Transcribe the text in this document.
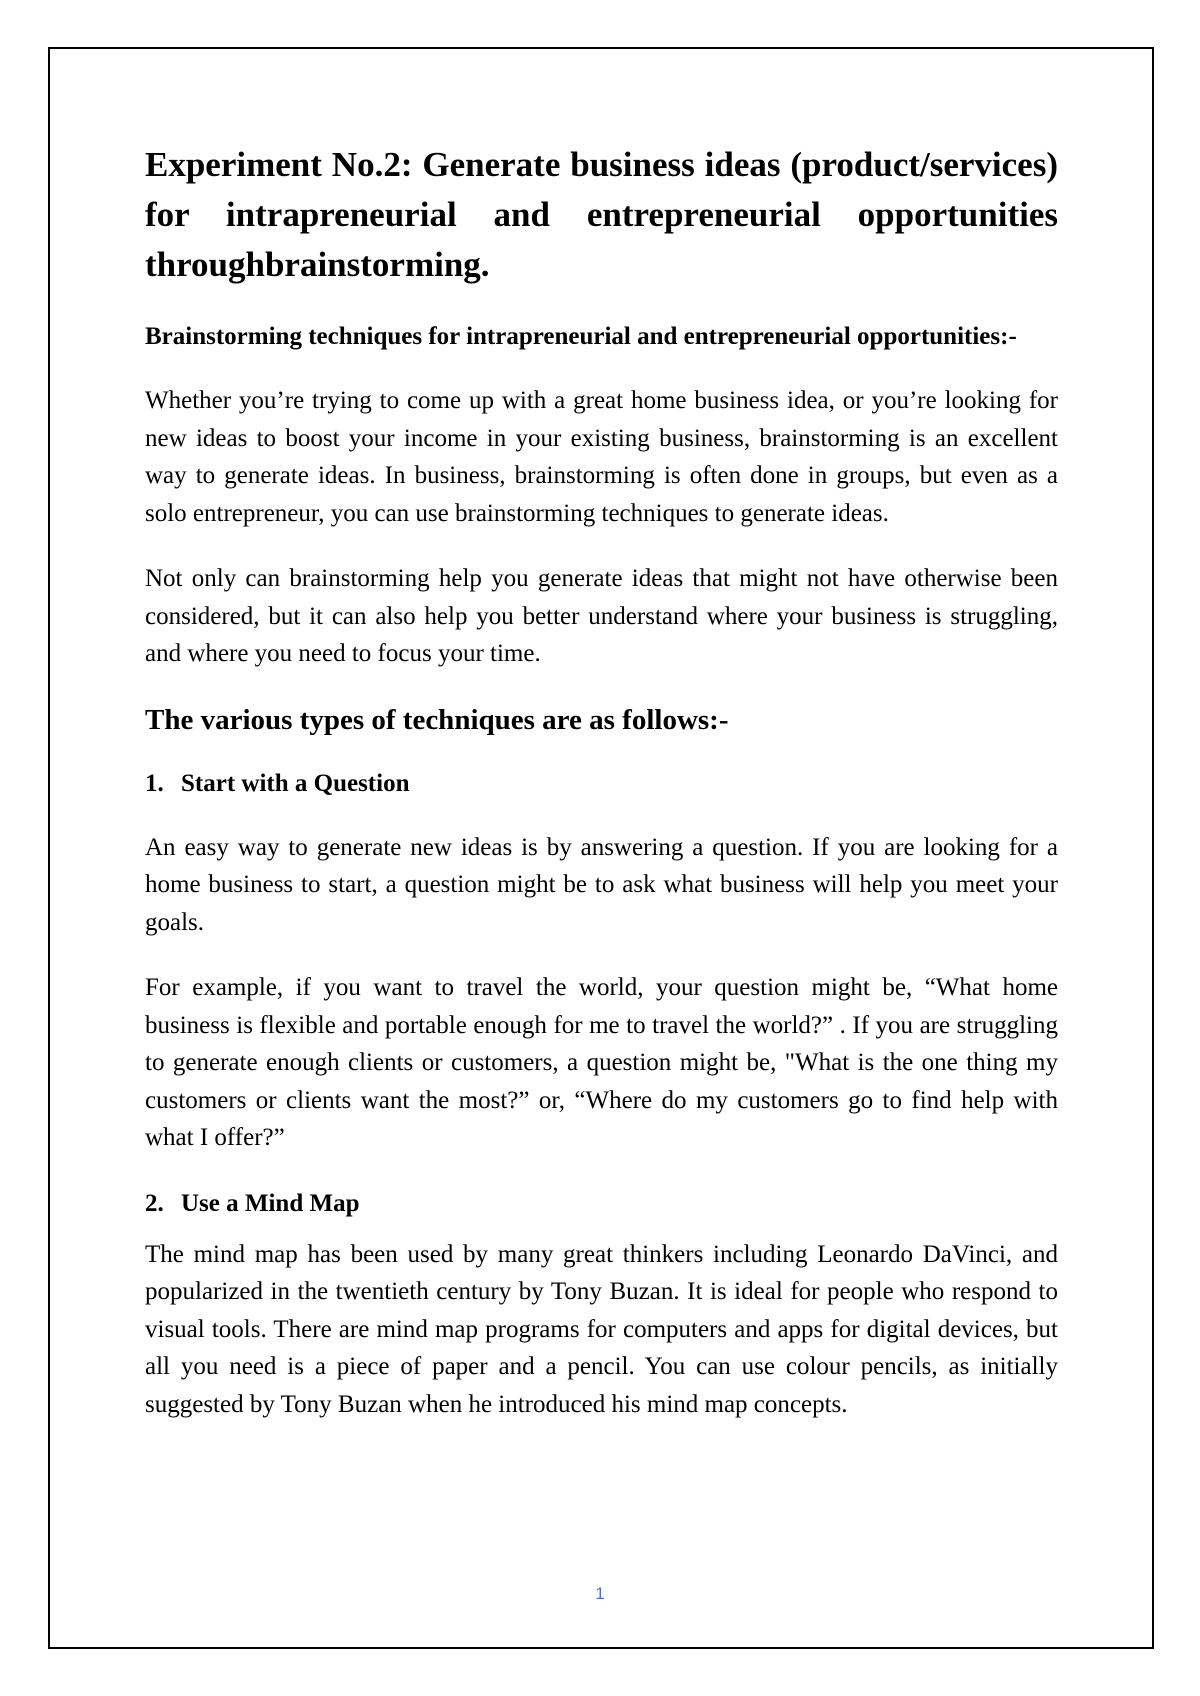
Experiment No.2: Generate business ideas (product/services) for intrapreneurial and entrepreneurial opportunities throughbrainstorming.

Brainstorming techniques for intrapreneurial and entrepreneurial opportunities:-

Whether you’re trying to come up with a great home business idea, or you’re looking for new ideas to boost your income in your existing business, brainstorming is an excellent way to generate ideas. In business, brainstorming is often done in groups, but even as a solo entrepreneur, you can use brainstorming techniques to generate ideas.

Not only can brainstorming help you generate ideas that might not have otherwise been considered, but it can also help you better understand where your business is struggling, and where you need to focus your time.

The various types of techniques are as follows:-
1. Start with a Question

An easy way to generate new ideas is by answering a question. If you are looking for a home business to start, a question might be to ask what business will help you meet your goals.

For example, if you want to travel the world, your question might be, “What home business is flexible and portable enough for me to travel the world?” . If you are struggling to generate enough clients or customers, a question might be, "What is the one thing my customers or clients want the most?” or, “Where do my customers go to find help with what I offer?”

2. Use a Mind Map

The mind map has been used by many great thinkers including Leonardo DaVinci, and popularized in the twentieth century by Tony Buzan. It is ideal for people who respond to visual tools. There are mind map programs for computers and apps for digital devices, but all you need is a piece of paper and a pencil. You can use colour pencils, as initially suggested by Tony Buzan when he introduced his mind map concepts.

1
